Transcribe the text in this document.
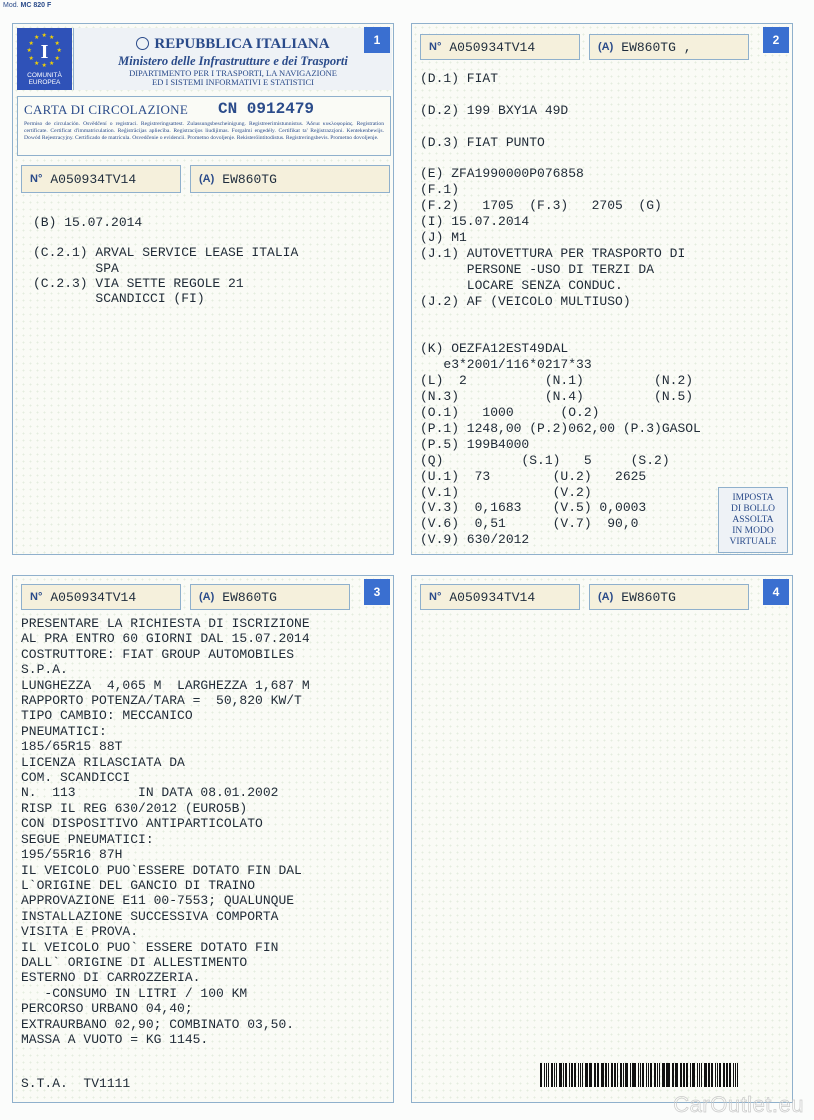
Mod. MC 820 F
I
★ ★
★
★
★
★
★
★
★
★
★
★
COMUNITÀ
EUROPEA
REPUBBLICA ITALIANA
Ministero delle Infrastrutture e dei Trasporti
DIPARTIMENTO PER I TRASPORTI, LA NAVIGAZIONE
ED I SISTEMI INFORMATIVI E STATISTICI
1
CARTA DI CIRCOLAZIONE CN 0912479
Permiso de circulación. Osvědčení o registraci. Registreringsattest. Zulassungsbescheinigung. Registreerimistunnistus. Άδεια κυκλοφορίας. Registration certificate. Certificat d'immatriculation. Reģistrācijas apliecība. Registracijos liudijimas. Forgalmi engedély. Certifikat ta' Reġistrazzjoni. Kentekenbewijs. Dowód Rejestracyjny. Certificado de matrícula. Osvedčenie o evidencii. Prometno dovoljenje. Rekisteröintitodistus. Registreringsbevis. Prometno dovoljenje.
N° A050934TV14	(A) EW860TG
(B) 15.07.2014

(C.2.1) ARVAL SERVICE LEASE ITALIA
SPA
(C.2.3) VIA SETTE REGOLE 21
SCANDICCI (FI)
N° A050934TV14	(A) EW860TG ,	2
(D.1) FIAT

(D.2) 199 BXY1A 49D

(D.3) FIAT PUNTO

(E) ZFA1990000P076858
(F.1)
(F.2)   1705  (F.3)   2705  (G)
(I) 15.07.2014
(J) M1
(J.1) AUTOVETTURA PER TRASPORTO DI
PERSONE -USO DI TERZI DA
LOCARE SENZA CONDUC.
(J.2) AF (VEICOLO MULTIUSO)

(K) OEZFA12EST49DAL
e3*2001/116*0217*33
(L)  2          (N.1)         (N.2)
(N.3)           (N.4)         (N.5)
(O.1)   1000      (O.2)
(P.1) 1248,00 (P.2)062,00 (P.3)GASOL
(P.5) 199B4000
(Q)          (S.1)   5     (S.2)
(U.1)  73        (U.2)   2625
(V.1)            (V.2)
(V.3)  0,1683    (V.5) 0,0003
(V.6)  0,51      (V.7)  90,0
(V.9) 630/2012
IMPOSTA
DI BOLLO
ASSOLTA
IN MODO
VIRTUALE
N° A050934TV14	(A) EW860TG	3
PRESENTARE LA RICHIESTA DI ISCRIZIONE
AL PRA ENTRO 60 GIORNI DAL 15.07.2014
COSTRUTTORE: FIAT GROUP AUTOMOBILES
S.P.A.
LUNGHEZZA  4,065 M  LARGHEZZA 1,687 M
RAPPORTO POTENZA/TARA =  50,820 KW/T
TIPO CAMBIO: MECCANICO
PNEUMATICI:
185/65R15 88T
LICENZA RILASCIATA DA
COM. SCANDICCI
N.  113        IN DATA 08.01.2002
RISP IL REG 630/2012 (EURO5B)
CON DISPOSITIVO ANTIPARTICOLATO
SEGUE PNEUMATICI:
195/55R16 87H
IL VEICOLO PUO`ESSERE DOTATO FIN DAL
L`ORIGINE DEL GANCIO DI TRAINO
APPROVAZIONE E11 00-7553; QUALUNQUE
INSTALLAZIONE SUCCESSIVA COMPORTA
VISITA E PROVA.
IL VEICOLO PUO` ESSERE DOTATO FIN
DALL` ORIGINE DI ALLESTIMENTO
ESTERNO DI CARROZZERIA.
-CONSUMO IN LITRI / 100 KM
PERCORSO URBANO 04,40;
EXTRAURBANO 02,90; COMBINATO 03,50.
MASSA A VUOTO = KG 1145.
S.T.A.  TV1111
N° A050934TV14	(A) EW860TG	4
CarOutlet.eu
